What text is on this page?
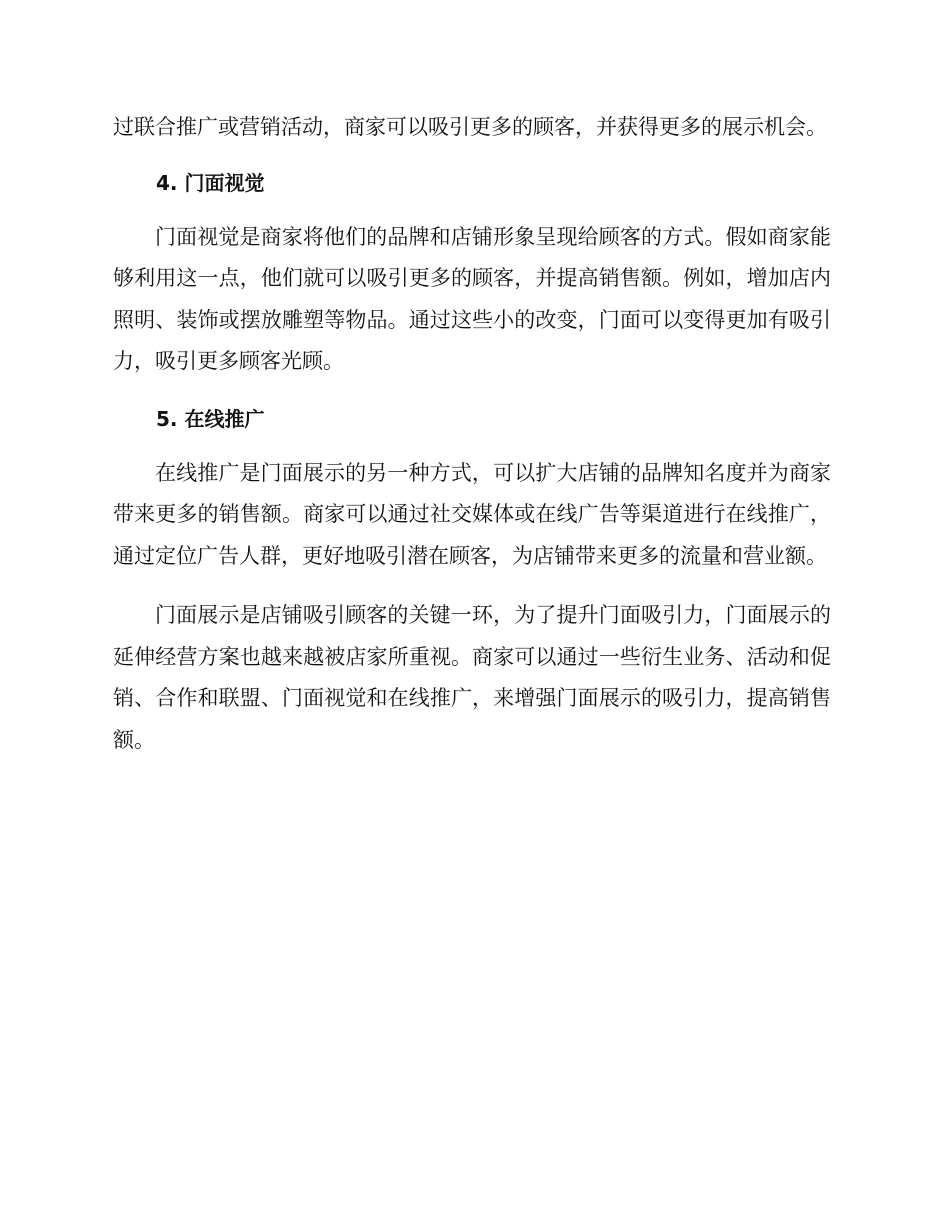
过联合推广或营销活动，商家可以吸引更多的顾客，并获得更多的展示机会。

4. 门面视觉

门面视觉是商家将他们的品牌和店铺形象呈现给顾客的方式。假如商家能够利用这一点，他们就可以吸引更多的顾客，并提高销售额。例如，增加店内照明、装饰或摆放雕塑等物品。通过这些小的改变，门面可以变得更加有吸引力，吸引更多顾客光顾。

5. 在线推广

在线推广是门面展示的另一种方式，可以扩大店铺的品牌知名度并为商家带来更多的销售额。商家可以通过社交媒体或在线广告等渠道进行在线推广，通过定位广告人群，更好地吸引潜在顾客，为店铺带来更多的流量和营业额。

门面展示是店铺吸引顾客的关键一环，为了提升门面吸引力，门面展示的延伸经营方案也越来越被店家所重视。商家可以通过一些衍生业务、活动和促销、合作和联盟、门面视觉和在线推广，来增强门面展示的吸引力，提高销售额。
